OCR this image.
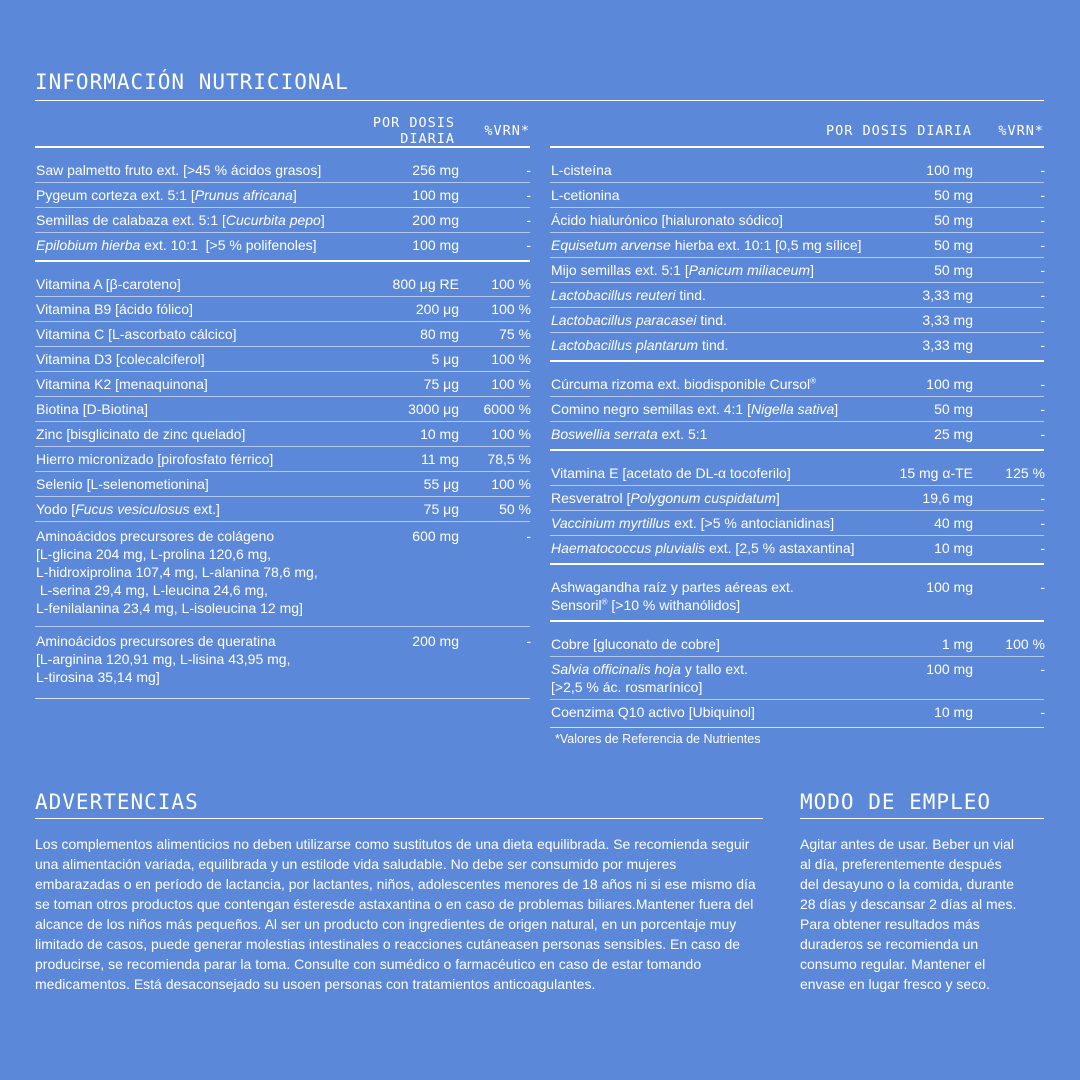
INFORMACIÓN NUTRICIONAL
POR DOSIS DIARIA	%VRN*
Saw palmetto fruto ext. [>45 % ácidos grasos]	256 mg	-
Pygeum corteza ext. 5:1 [Prunus africana]	100 mg	-
Semillas de calabaza ext. 5:1 [Cucurbita pepo]	200 mg	-
Epilobium hierba ext. 10:1  [>5 % polifenoles]	100 mg	-
Vitamina A [β-caroteno]	800 μg RE	100 %
Vitamina B9 [ácido fólico]	200 μg	100 %
Vitamina C [L-ascorbato cálcico]	80 mg	75 %
Vitamina D3 [colecalciferol]	5 μg	100 %
Vitamina K2 [menaquinona]	75 μg	100 %
Biotina [D-Biotina]	3000 μg	6000 %
Zinc [bisglicinato de zinc quelado]	10 mg	100 %
Hierro micronizado [pirofosfato férrico]	11 mg	78,5 %
Selenio [L-selenometionina]	55 μg	100 %
Yodo [Fucus vesiculosus ext.]	75 μg	50 %
Aminoácidos precursores de colágeno
[L-glicina 204 mg, L-prolina 120,6 mg,
L-hidroxiprolina 107,4 mg, L-alanina 78,6 mg,
L-serina 29,4 mg, L-leucina 24,6 mg,
L-fenilalanina 23,4 mg, L-isoleucina 12 mg]
600 mg	-
Aminoácidos precursores de queratina
[L-arginina 120,91 mg, L-lisina 43,95 mg,
L-tirosina 35,14 mg]
200 mg	-
POR DOSIS DIARIA	%VRN*
L-cisteína	100 mg	-
L-cetionina	50 mg	-
Ácido hialurónico [hialuronato sódico]	50 mg	-
Equisetum arvense hierba ext. 10:1 [0,5 mg sílice]	50 mg	-
Mijo semillas ext. 5:1 [Panicum miliaceum]	50 mg	-
Lactobacillus reuteri tind.	3,33 mg	-
Lactobacillus paracasei tind.	3,33 mg	-
Lactobacillus plantarum tind.	3,33 mg	-
Cúrcuma rizoma ext. biodisponible Cursol®	100 mg	-
Comino negro semillas ext. 4:1 [Nigella sativa]	50 mg	-
Boswellia serrata ext. 5:1	25 mg	-
Vitamina E [acetato de DL-α tocoferilo]	15 mg α-TE	125 %
Resveratrol [Polygonum cuspidatum]	19,6 mg	-
Vaccinium myrtillus ext. [>5 % antocianidinas]	40 mg	-
Haematococcus pluvialis ext. [2,5 % astaxantina]	10 mg	-
Ashwagandha raíz y partes aéreas ext.
Sensoril® [>10 % withanólidos]
100 mg	-
Cobre [gluconato de cobre]	1 mg	100 %
Salvia officinalis hoja y tallo ext.
[>2,5 % ác. rosmarínico]
100 mg	-
Coenzima Q10 activo [Ubiquinol]	10 mg	-
*Valores de Referencia de Nutrientes
ADVERTENCIAS
Los complementos alimenticios no deben utilizarse como sustitutos de una dieta equilibrada. Se recomienda seguir una alimentación variada, equilibrada y un estilode vida saludable. No debe ser consumido por mujeres embarazadas o en período de lactancia, por lactantes, niños, adolescentes menores de 18 años ni si ese mismo día se toman otros productos que contengan ésteresde astaxantina o en caso de problemas biliares.Mantener fuera del alcance de los niños más pequeños. Al ser un producto con ingredientes de origen natural, en un porcentaje muy limitado de casos, puede generar molestias intestinales o reacciones cutáneasen personas sensibles. En caso de producirse, se recomienda parar la toma. Consulte con sumédico o farmacéutico en caso de estar tomando medicamentos. Está desaconsejado su usoen personas con tratamientos anticoagulantes.
MODO DE EMPLEO
Agitar antes de usar. Beber un vial al día, preferentemente después del desayuno o la comida, durante 28 días y descansar 2 días al mes. Para obtener resultados más duraderos se recomienda un consumo regular. Mantener el envase en lugar fresco y seco.
